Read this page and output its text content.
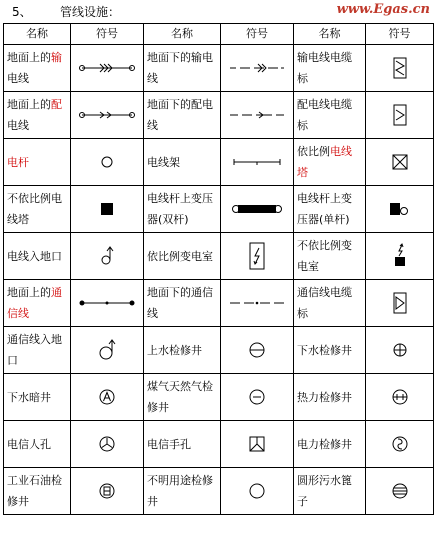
5、 管线设施：	www.Egas.cn
名称	符号	名称	符号	名称	符号
地面上的输电线		地面下的输电线		输电线电缆标	

地面上的配电线		地面下的配电线		配电线电缆标	

电杆		电线架		依比例电线塔	

不依比例电线塔		电线杆上变压器(双杆)		电线杆上变压器(单杆)	

电线入地口		依比例变电室		不依比例变电室	

地面上的通信线		地面下的通信线		通信线电缆标	

通信线入地口		上水检修井		下水检修井	

下水暗井		煤气天然气检修井		热力检修井	

电信人孔		电信手孔		电力检修井	

工业石油检修井		不明用途检修井		圆形污水篦子	
